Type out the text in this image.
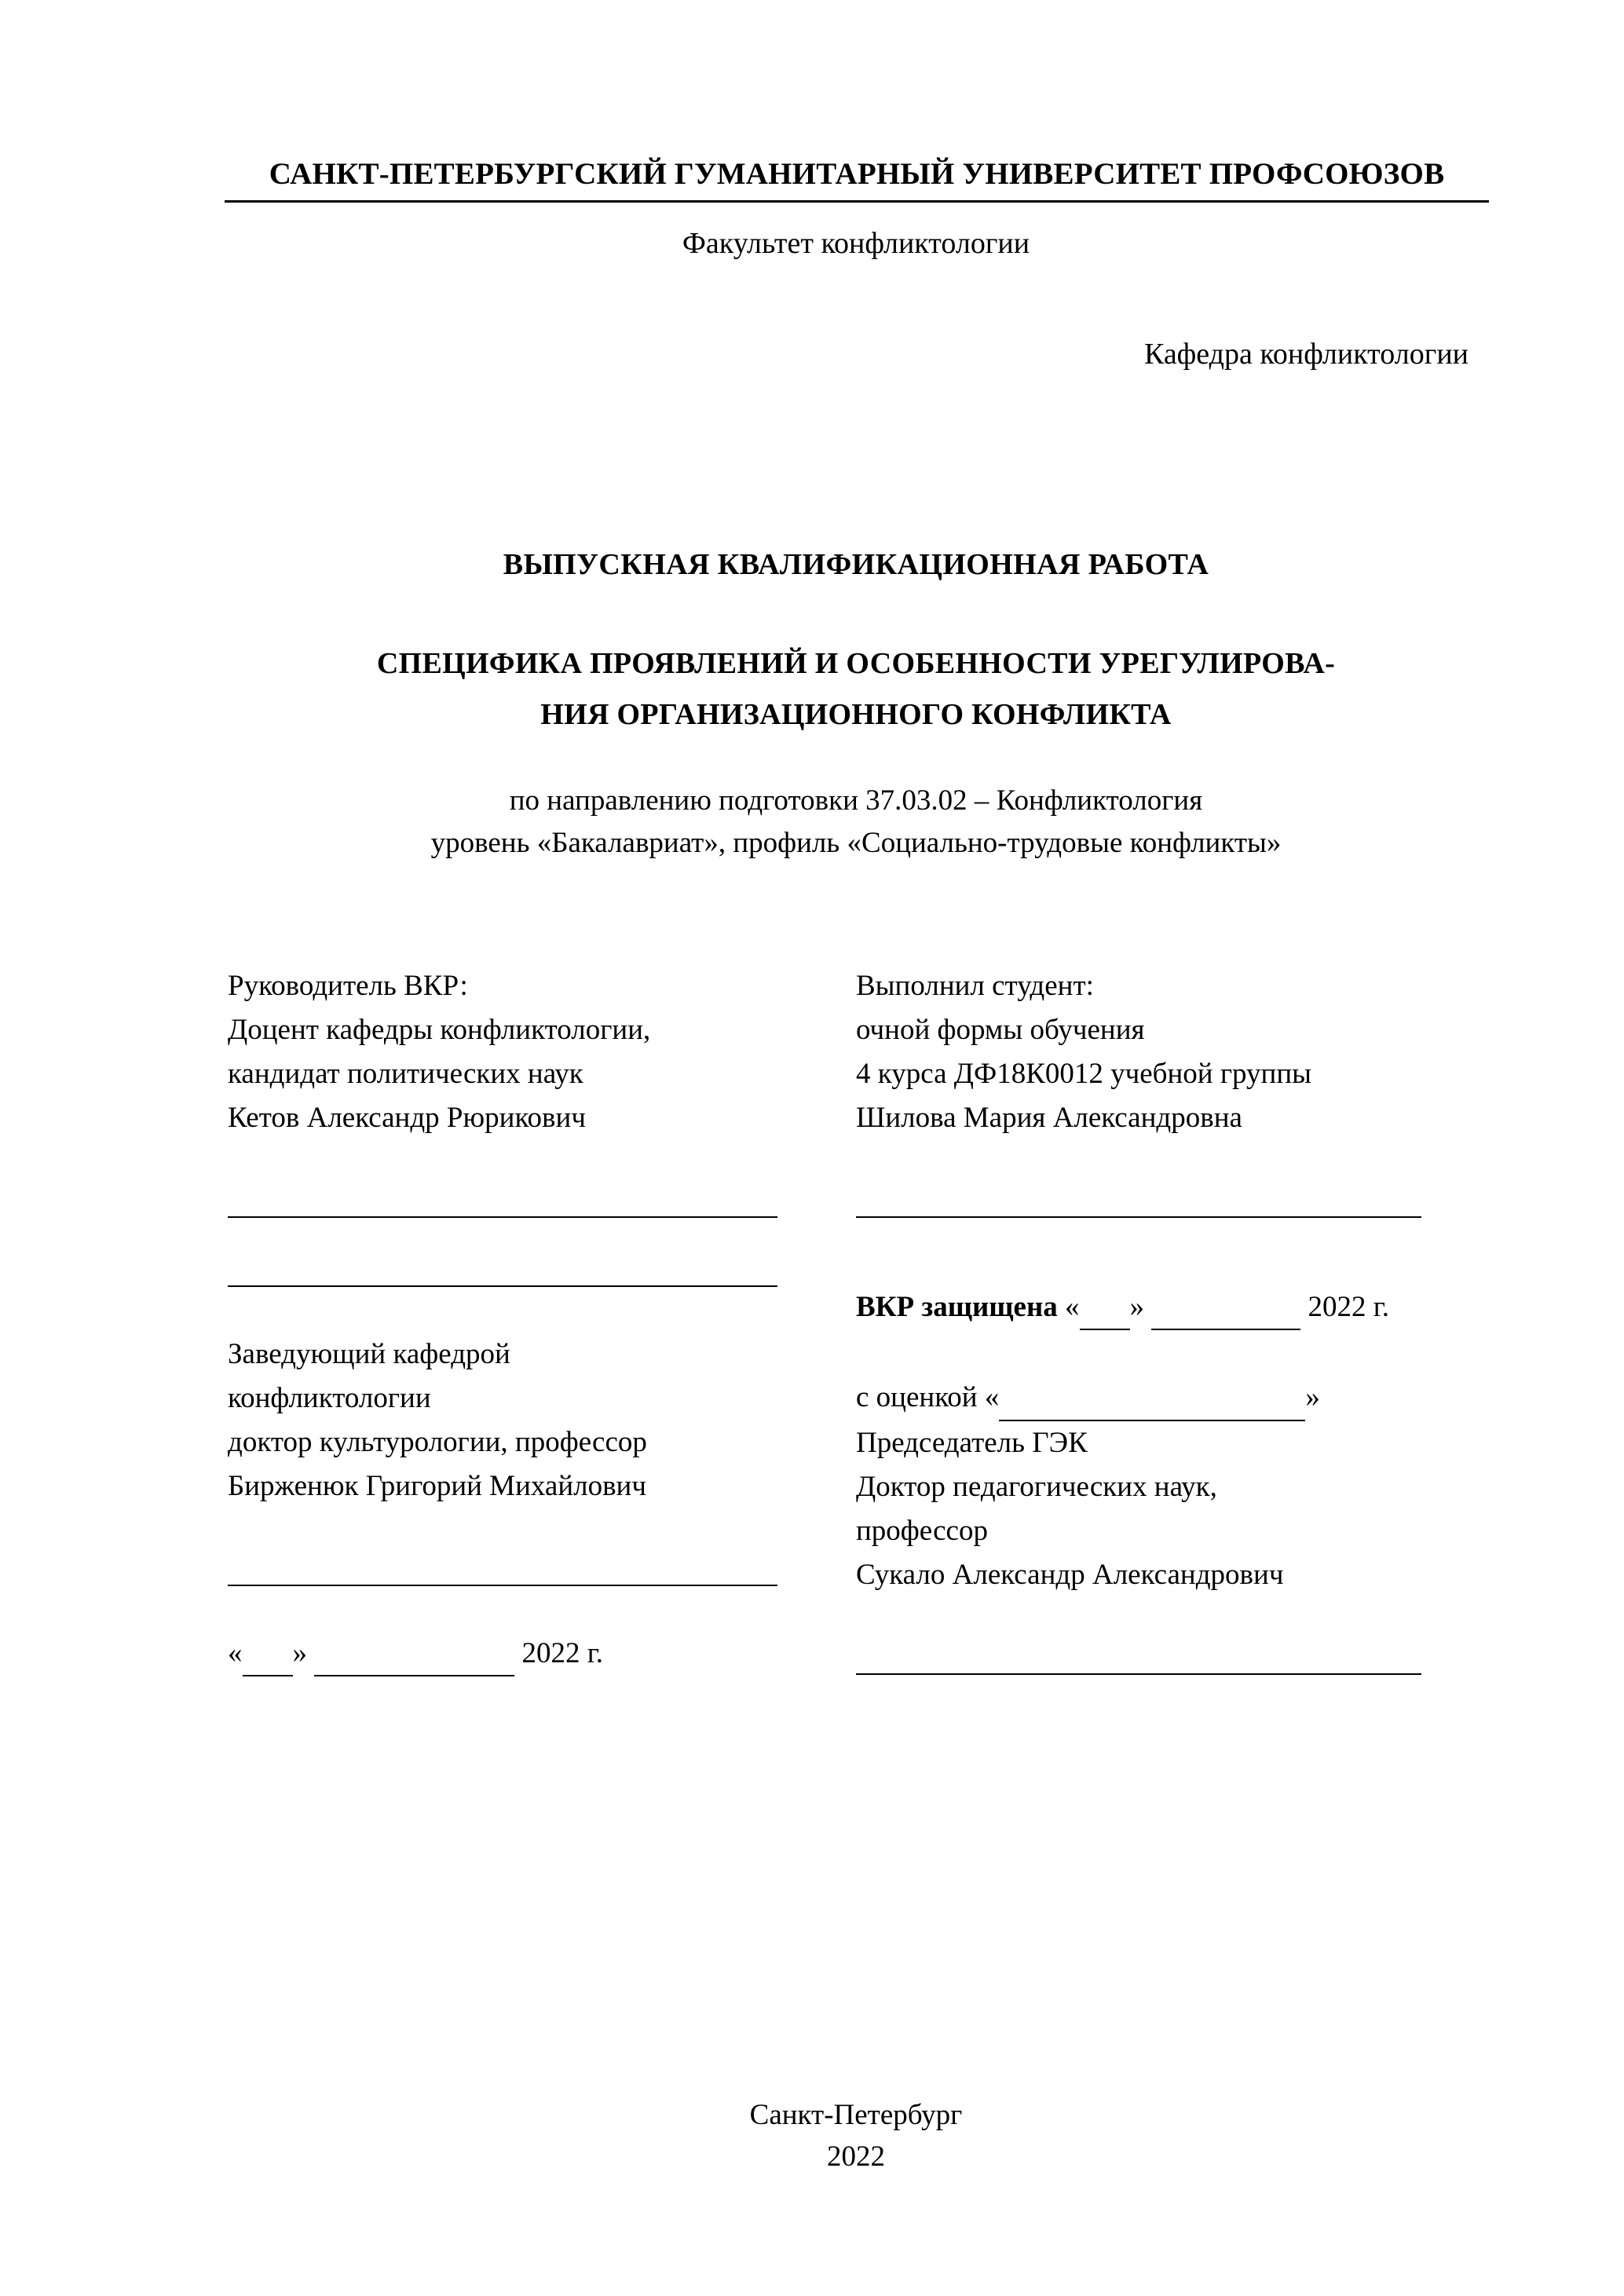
САНКТ-ПЕТЕРБУРГСКИЙ ГУМАНИТАРНЫЙ УНИВЕРСИТЕТ ПРОФСОЮЗОВ
Факультет конфликтологии
Кафедра конфликтологии
ВЫПУСКНАЯ КВАЛИФИКАЦИОННАЯ РАБОТА
СПЕЦИФИКА ПРОЯВЛЕНИЙ И ОСОБЕННОСТИ УРЕГУЛИРОВА-
НИЯ ОРГАНИЗАЦИОННОГО КОНФЛИКТА
по направлению подготовки 37.03.02 – Конфликтология
уровень «Бакалавриат», профиль «Социально-трудовые конфликты»
Руководитель ВКР:
Доцент кафедры конфликтологии,
кандидат политических наук
Кетов Александр Рюрикович
Заведующий кафедрой
конфликтологии
доктор культурологии, профессор
Бирженюк Григорий Михайлович
« »	2022 г.
Выполнил студент:
очной формы обучения
4 курса ДФ18К0012 учебной группы
Шилова Мария Александровна
ВКР защищена « »	2022 г.
с оценкой «	»
Председатель ГЭК
Доктор педагогических наук,
профессор
Сукало Александр Александрович
Санкт-Петербург
2022
